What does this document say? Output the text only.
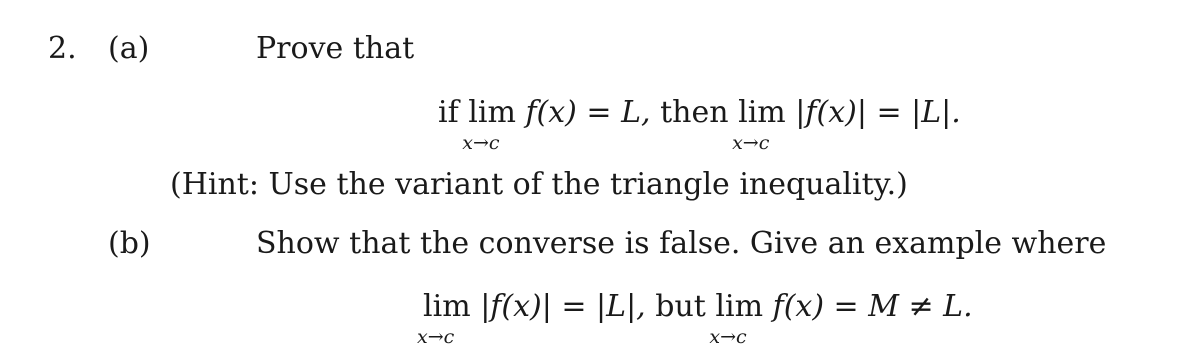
2. (a)	Prove that
if lim
x→c
f(x) = L, then lim
x→c
|f(x)| = |L|.
(Hint: Use the variant of the triangle inequality.)
(b)	Show that the converse is false. Give an example where
lim
x→c
|f(x)| = |L|, but lim
x→c
f(x) = M ≠ L.
